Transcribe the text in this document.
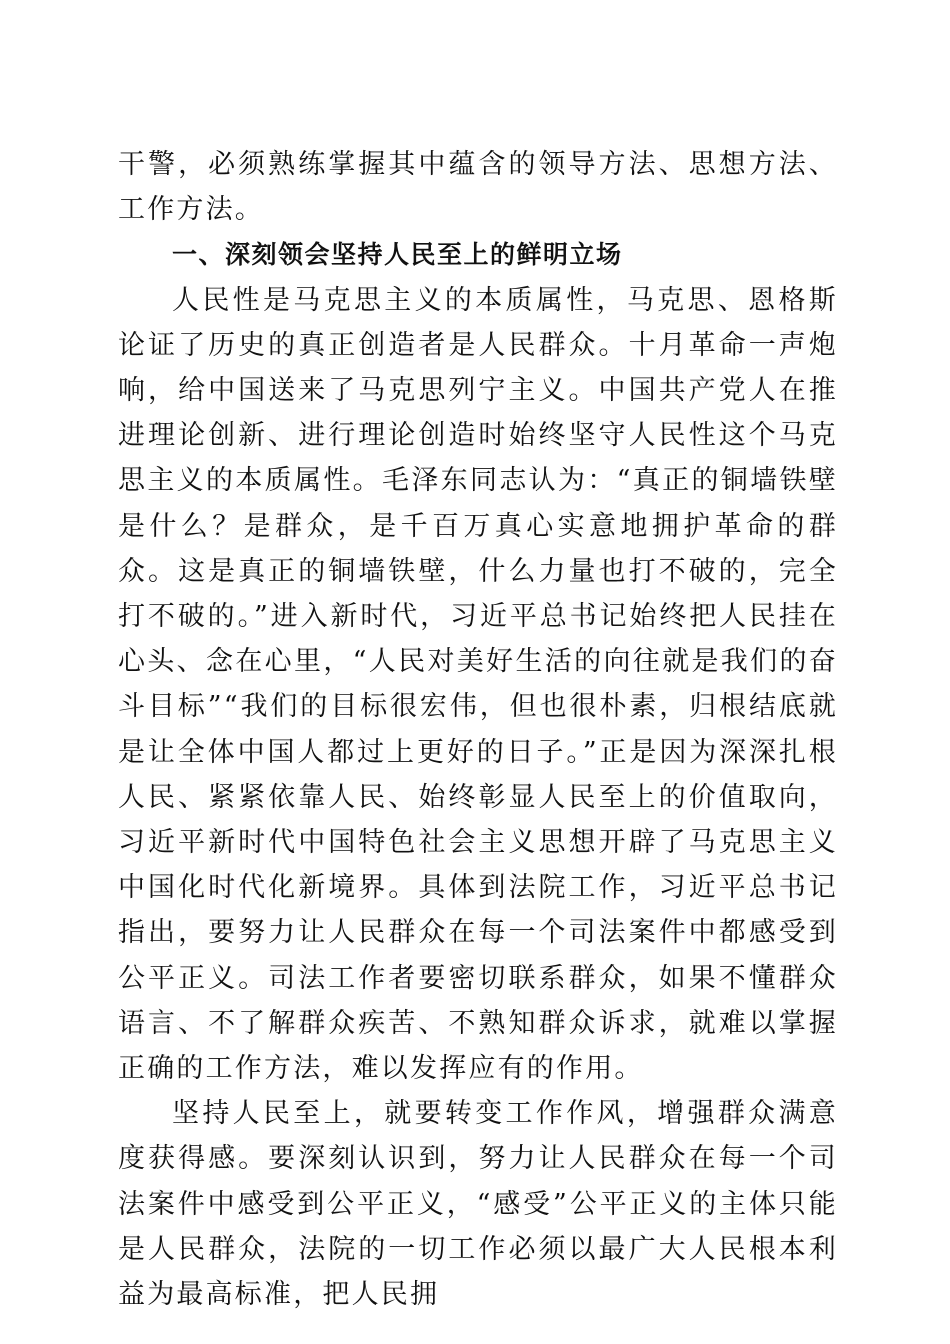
干警，必须熟练掌握其中蕴含的领导方法、思想方法、工作方法。

一、深刻领会坚持人民至上的鲜明立场

人民性是马克思主义的本质属性，马克思、恩格斯论证了历史的真正创造者是人民群众。十月革命一声炮响，给中国送来了马克思列宁主义。中国共产党人在推进理论创新、进行理论创造时始终坚守人民性这个马克思主义的本质属性。毛泽东同志认为：“真正的铜墙铁壁是什么？是群众，是千百万真心实意地拥护革命的群众。这是真正的铜墙铁壁，什么力量也打不破的，完全打不破的。”进入新时代，习近平总书记始终把人民挂在心头、念在心里，“人民对美好生活的向往就是我们的奋斗目标”“我们的目标很宏伟，但也很朴素，归根结底就是让全体中国人都过上更好的日子。”正是因为深深扎根人民、紧紧依靠人民、始终彰显人民至上的价值取向，习近平新时代中国特色社会主义思想开辟了马克思主义中国化时代化新境界。具体到法院工作，习近平总书记指出，要努力让人民群众在每一个司法案件中都感受到公平正义。司法工作者要密切联系群众，如果不懂群众语言、不了解群众疾苦、不熟知群众诉求，就难以掌握正确的工作方法，难以发挥应有的作用。

坚持人民至上，就要转变工作作风，增强群众满意度获得感。要深刻认识到，努力让人民群众在每一个司法案件中感受到公平正义，“感受”公平正义的主体只能是人民群众，法院的一切工作必须以最广大人民根本利益为最高标准，把人民拥
